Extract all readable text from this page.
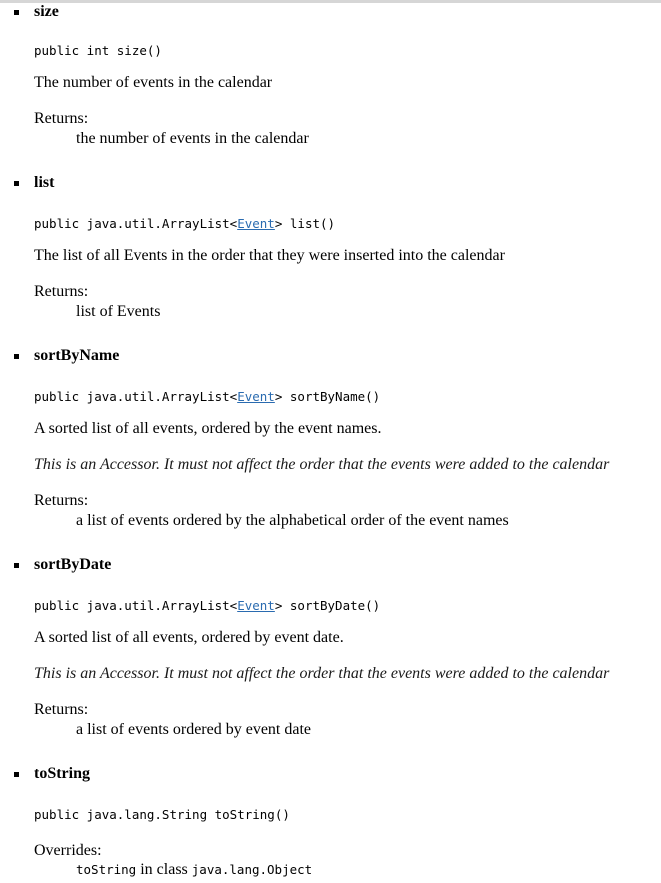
size
public int size()
The number of events in the calendar
Returns:
the number of events in the calendar
list
public java.util.ArrayList<Event> list()
The list of all Events in the order that they were inserted into the calendar
Returns:
list of Events
sortByName
public java.util.ArrayList<Event> sortByName()
A sorted list of all events, ordered by the event names.
This is an Accessor. It must not affect the order that the events were added to the calendar
Returns:
a list of events ordered by the alphabetical order of the event names
sortByDate
public java.util.ArrayList<Event> sortByDate()
A sorted list of all events, ordered by event date.
This is an Accessor. It must not affect the order that the events were added to the calendar
Returns:
a list of events ordered by event date
toString
public java.lang.String toString()
Overrides:
toString in class java.lang.Object
